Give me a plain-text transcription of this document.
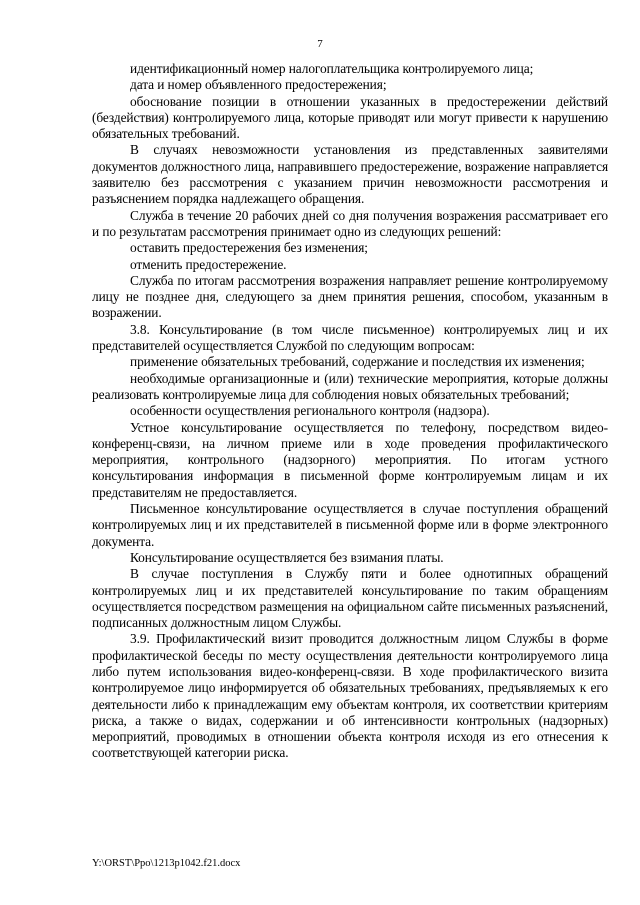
7

идентификационный номер налогоплательщика контролируемого лица;

дата и номер объявленного предостережения;

обоснование позиции в отношении указанных в предостережении действий (бездействия) контролируемого лица, которые приводят или могут привести к нарушению обязательных требований.

В случаях невозможности установления из представленных заявителями документов должностного лица, направившего предостережение, возражение направляется заявителю без рассмотрения с указанием причин невозможности рассмотрения и разъяснением порядка надлежащего обращения.

Служба в течение 20 рабочих дней со дня получения возражения рассматривает его и по результатам рассмотрения принимает одно из следующих решений:

оставить предостережения без изменения;

отменить предостережение.

Служба по итогам рассмотрения возражения направляет решение контролируемому лицу не позднее дня, следующего за днем принятия решения, способом, указанным в возражении.

3.8. Консультирование (в том числе письменное) контролируемых лиц и их представителей осуществляется Службой по следующим вопросам:

применение обязательных требований, содержание и последствия их изменения;

необходимые организационные и (или) технические мероприятия, которые должны реализовать контролируемые лица для соблюдения новых обязательных требований;

особенности осуществления регионального контроля (надзора).

Устное консультирование осуществляется по телефону, посредством видео-конференц-связи, на личном приеме или в ходе проведения профилактического мероприятия, контрольного (надзорного) мероприятия. По итогам устного консультирования информация в письменной форме контролируемым лицам и их представителям не предоставляется.

Письменное консультирование осуществляется в случае поступления обращений контролируемых лиц и их представителей в письменной форме или в форме электронного документа.

Консультирование осуществляется без взимания платы.

В случае поступления в Службу пяти и более однотипных обращений контролируемых лиц и их представителей консультирование по таким обращениям осуществляется посредством размещения на официальном сайте письменных разъяснений, подписанных должностным лицом Службы.

3.9. Профилактический визит проводится должностным лицом Службы в форме профилактической беседы по месту осуществления деятельности контролируемого лица либо путем использования видео-конференц-связи. В ходе профилактического визита контролируемое лицо информируется об обязательных требованиях, предъявляемых к его деятельности либо к принадлежащим ему объектам контроля, их соответствии критериям риска, а также о видах, содержании и об интенсивности контрольных (надзорных) мероприятий, проводимых в отношении объекта контроля исходя из его отнесения к соответствующей категории риска.

Y:\ORST\Ppo\1213p1042.f21.docx
